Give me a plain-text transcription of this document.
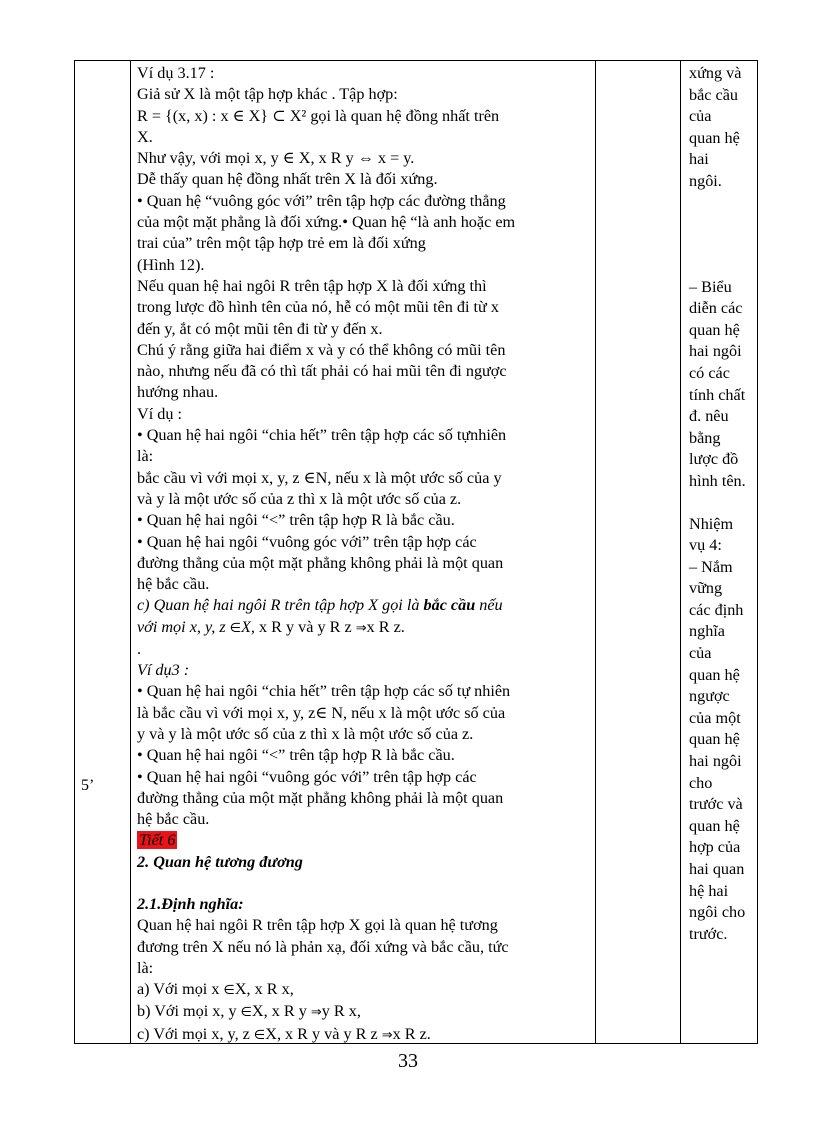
5’

Ví dụ 3.17 :

Giả sử X là một tập hợp khác . Tập hợp:

R = {(x, x) : x ∈ X} ⊂ X² gọi là quan hệ đồng nhất trên

X.

Như vậy, với mọi x, y ∈ X, x R y ⇔ x = y.

Dễ thấy quan hệ đồng nhất trên X là đối xứng.

• Quan hệ “vuông góc với” trên tập hợp các đường thẳng

của một mặt phẳng là đối xứng.• Quan hệ “là anh hoặc em

trai của” trên một tập hợp trẻ em là đối xứng

(Hình 12).

Nếu quan hệ hai ngôi R trên tập hợp X là đối xứng thì

trong lược đồ hình tên của nó, hễ có một mũi tên đi từ x

đến y, ắt có một mũi tên đi từ y đến x.

Chú ý rằng giữa hai điểm x và y có thể không có mũi tên

nào, nhưng nếu đã có thì tất phải có hai mũi tên đi ngược

hướng nhau.

Ví dụ :

• Quan hệ hai ngôi “chia hết” trên tập hợp các số tựnhiên

là:

bắc cầu vì với mọi x, y, z ∈N, nếu x là một ước số của y

và y là một ước số của z thì x là một ước số của z.

• Quan hệ hai ngôi “<” trên tập hợp R là bắc cầu.

• Quan hệ hai ngôi “vuông góc với” trên tập hợp các

đường thẳng của một mặt phẳng không phải là một quan

hệ bắc cầu.

c) Quan hệ hai ngôi R trên tập hợp X gọi là bắc cầu nếu

với mọi x, y, z ∈X, x R y và y R z ⇒x R z.

.

Ví dụ3 :

• Quan hệ hai ngôi “chia hết” trên tập hợp các số tự nhiên

là bắc cầu vì với mọi x, y, z∈ N, nếu x là một ước số của

y và y là một ước số của z thì x là một ước số của z.

• Quan hệ hai ngôi “<” trên tập hợp R là bắc cầu.

• Quan hệ hai ngôi “vuông góc với” trên tập hợp các

đường thẳng của một mặt phẳng không phải là một quan

hệ bắc cầu.

Tiết 6

2. Quan hệ tương đương

2.1.Định nghĩa:

Quan hệ hai ngôi R trên tập hợp X gọi là quan hệ tương

đương trên X nếu nó là phản xạ, đối xứng và bắc cầu, tức

là:

a) Với mọi x ∈X, x R x,

b) Với mọi x, y ∈X, x R y ⇒y R x,

c) Với mọi x, y, z ∈X, x R y và y R z ⇒x R z.

xứng và

bắc cầu

của

quan hệ

hai

ngôi.

– Biểu

diễn các

quan hệ

hai ngôi

có các

tính chất

đ. nêu

bằng

lược đồ

hình tên.

Nhiệm

vụ 4:

– Nắm

vững

các định

nghĩa

của

quan hệ

ngược

của một

quan hệ

hai ngôi

cho

trước và

quan hệ

hợp của

hai quan

hệ hai

ngôi cho

trước.

33
